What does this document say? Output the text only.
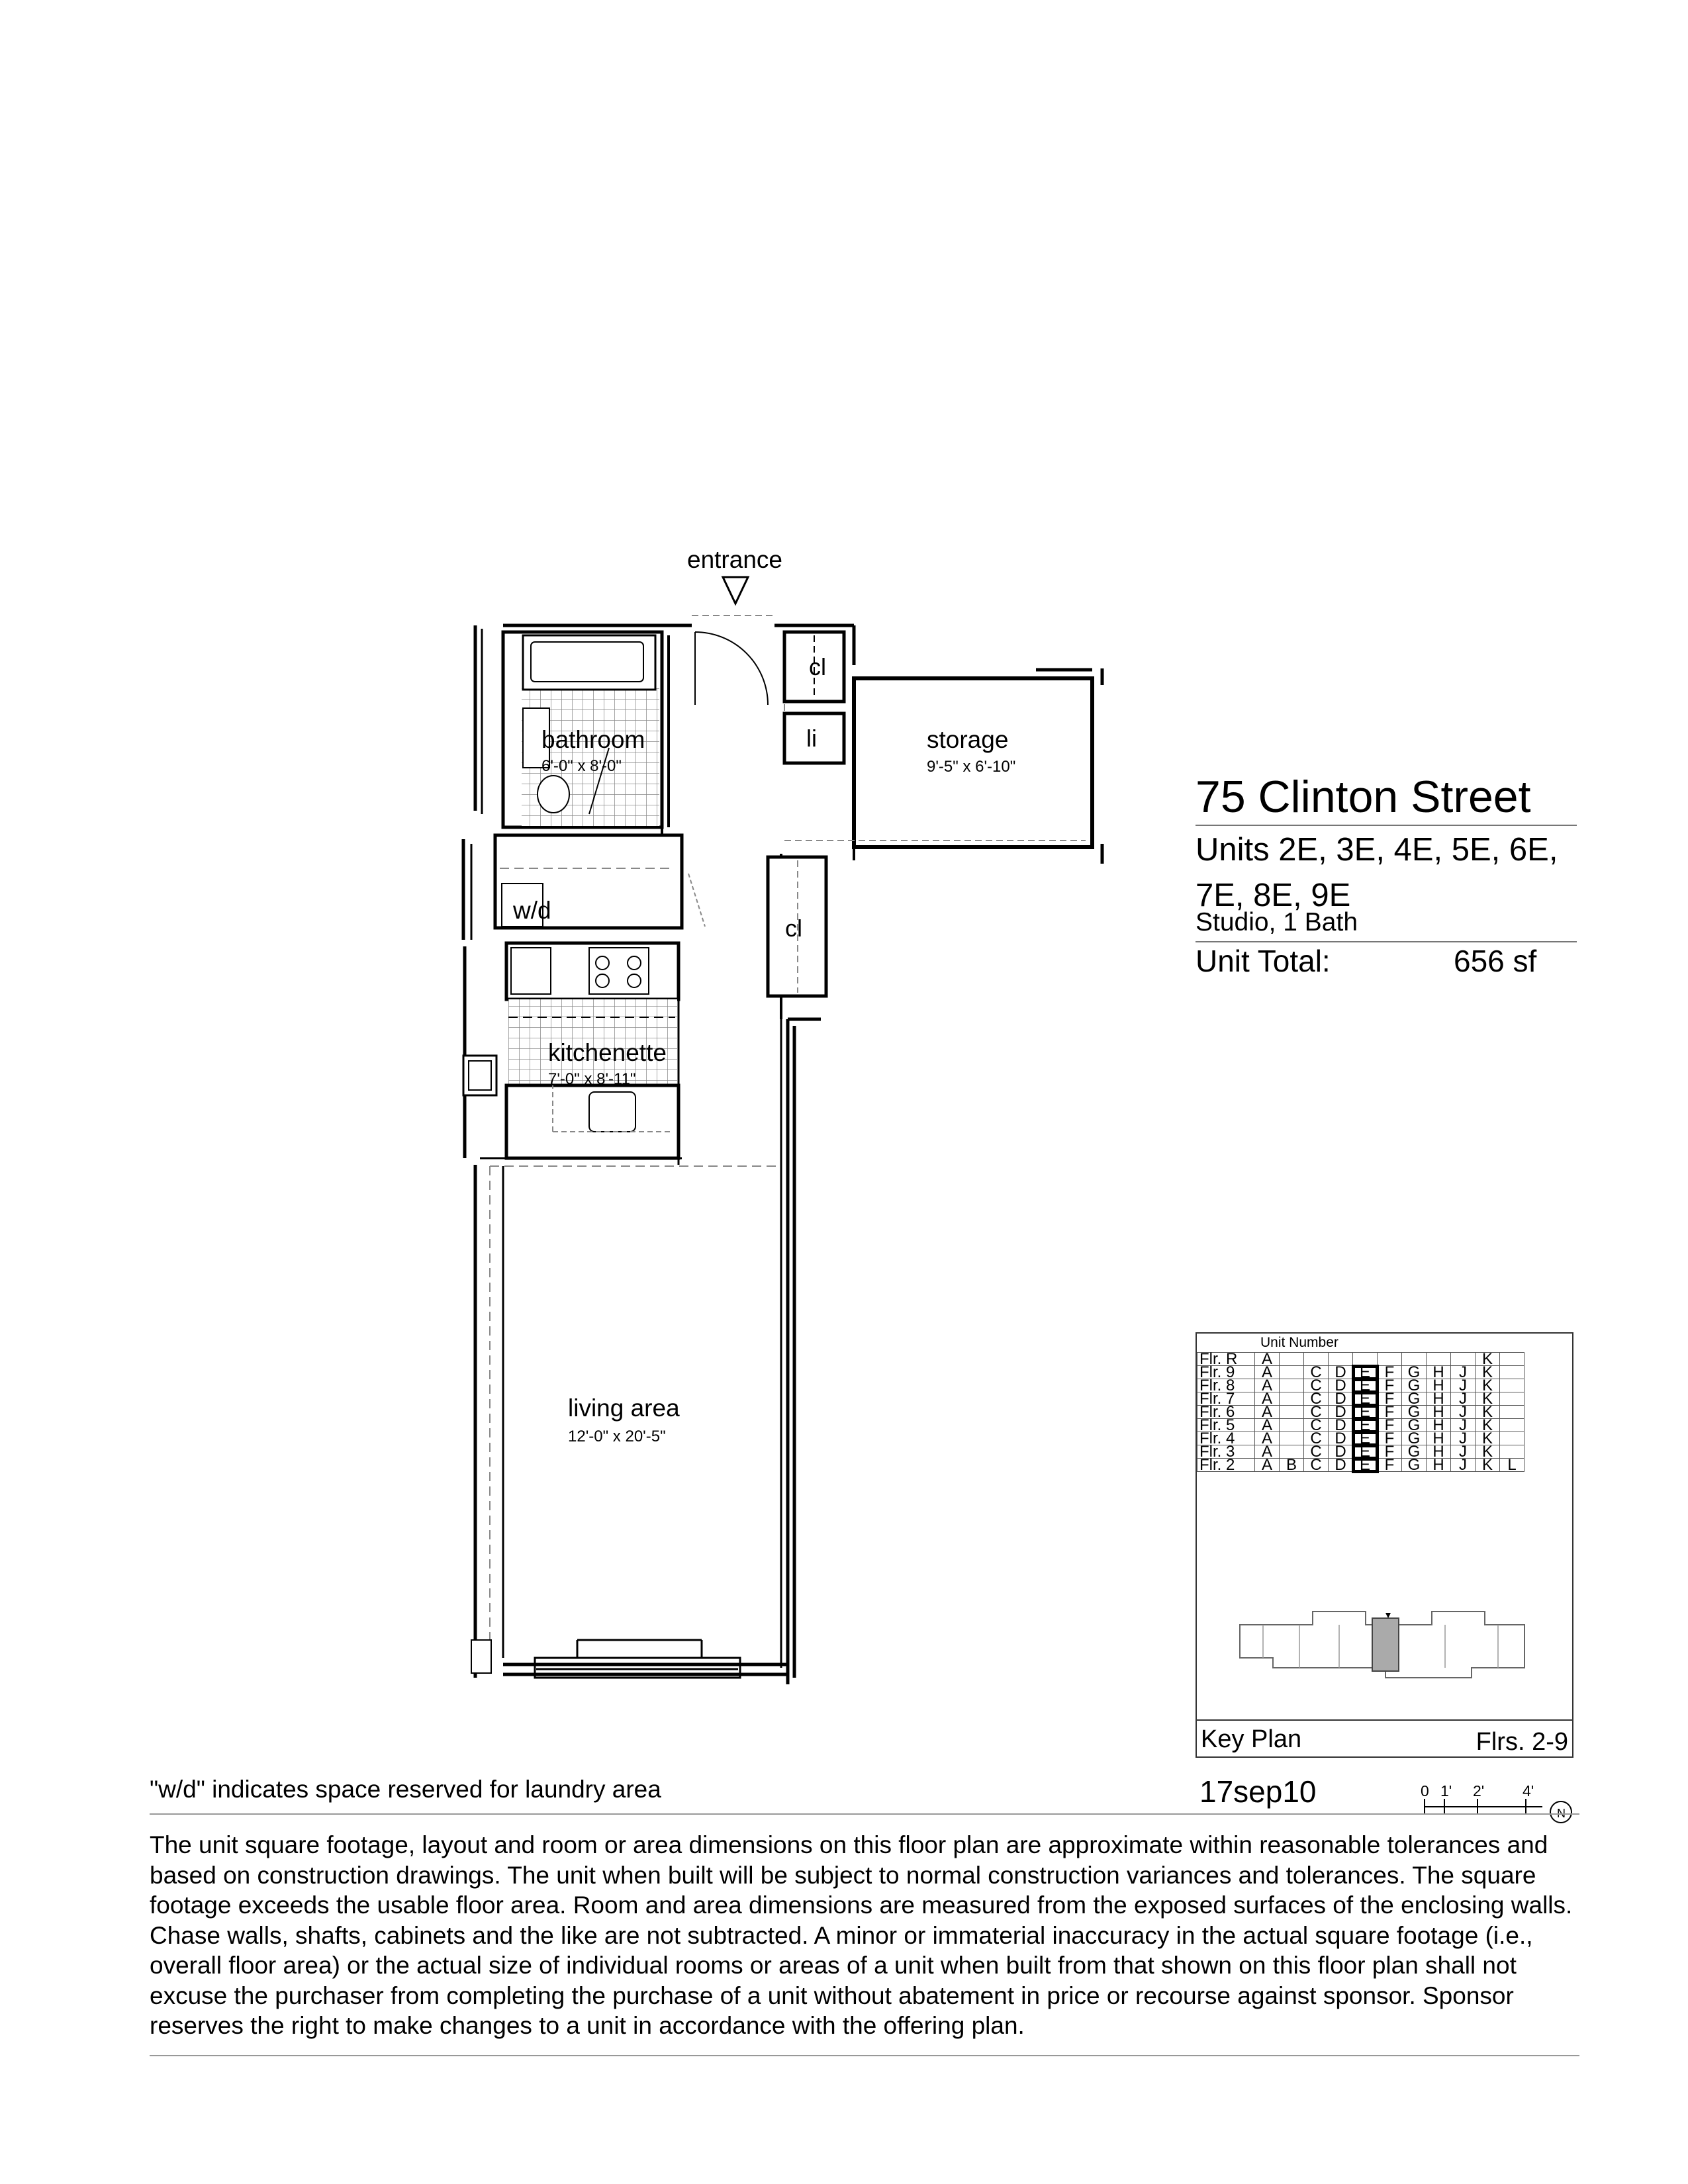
entrance
cl
li
w/d
cl
bathroom
6'-0" x 8'-0"
storage
9'-5" x 6'-10"
kitchenette
7'-0" x 8'-11"
living area
12'-0" x 20'-5"
0 1' 2'	4'
N
75 Clinton Street
Units 2E, 3E, 4E, 5E, 6E, 7E, 8E, 9E
Studio, 1 Bath
Unit Total:	656 sf
Unit Number
Flr. R	A									K	
Flr. 9	A		C	D	E	F	G	H	J	K	
Flr. 8	A		C	D	E	F	G	H	J	K	
Flr. 7	A		C	D	E	F	G	H	J	K	
Flr. 6	A		C	D	E	F	G	H	J	K	
Flr. 5	A		C	D	E	F	G	H	J	K	
Flr. 4	A		C	D	E	F	G	H	J	K	
Flr. 3	A		C	D	E	F	G	H	J	K	
Flr. 2	A	B	C	D	E	F	G	H	J	K	L
Key Plan	Flrs. 2-9
"w/d" indicates space reserved for laundry area	17sep10
The unit square footage, layout and room or area dimensions on this floor plan are approximate within reasonable tolerances and based on construction drawings. The unit when built will be subject to normal construction variances and tolerances. The square footage exceeds the usable floor area. Room and area dimensions are measured from the exposed surfaces of the enclosing walls. Chase walls, shafts, cabinets and the like are not subtracted. A minor or immaterial inaccuracy in the actual square footage (i.e., overall floor area) or the actual size of individual rooms or areas of a unit when built from that shown on this floor plan shall not excuse the purchaser from completing the purchase of a unit without abatement in price or recourse against sponsor. Sponsor reserves the right to make changes to a unit in accordance with the offering plan.
